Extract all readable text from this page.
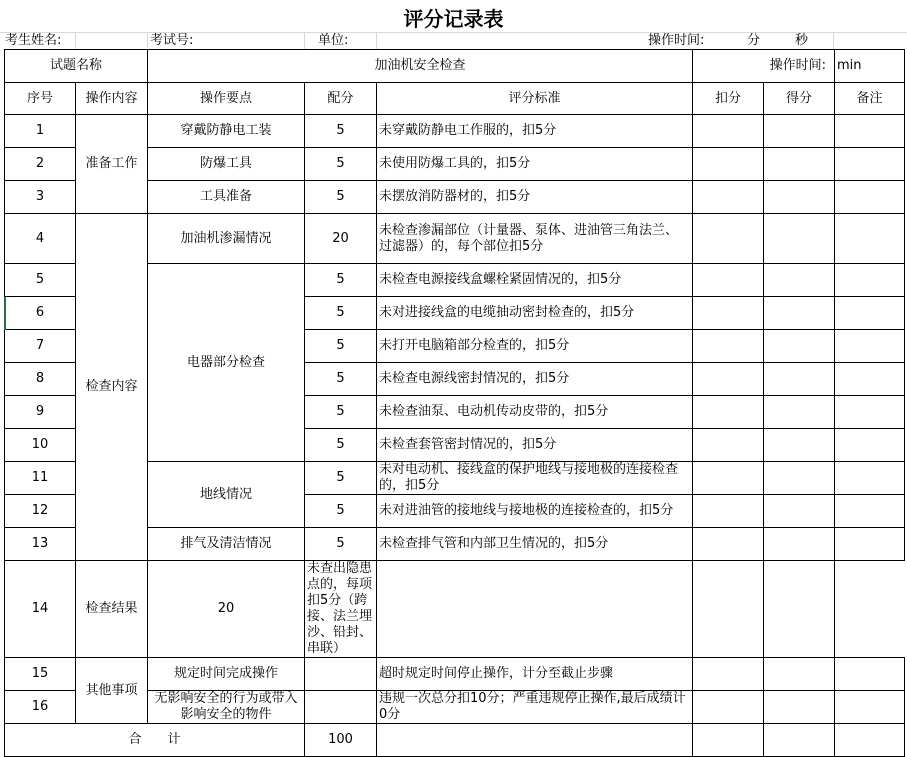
评分记录表
考生姓名:	考试号:	单位:	操作时间:	分	秒
试题名称		加油机安全检查			操作时间:		min
序号	操作内容	操作要点	配分	评分标准	扣分	得分	备注
1	准备工作	穿戴防静电工装	5	未穿戴防静电工作服的，扣5分			
2		防爆工具	5	未使用防爆工具的，扣5分			
3		工具准备	5	未摆放消防器材的，扣5分			
4	检查内容	加油机渗漏情况	20	未检查渗漏部位（计量器、泵体、进油管三角法兰、过滤器）的，每个部位扣5分			

5		电器部分检查	5	未检查电源接线盒螺栓紧固情况的，扣5分			
6			5	未对进接线盒的电缆抽动密封检查的，扣5分			
7			5	未打开电脑箱部分检查的，扣5分			
8			5	未检查电源线密封情况的，扣5分			
9			5	未检查油泵、电动机传动皮带的，扣5分			
10			5	未检查套管密封情况的，扣5分			
11		地线情况	5	未对电动机、接线盒的保护地线与接地极的连接检查的，扣5分			

12			5	未对进油管的接地线与接地极的连接检查的，扣5分			

13		排气及清洁情况	5	未检查排气管和内部卫生情况的，扣5分			
14	检查结果	20	未查出隐患点的，每项扣5分（跨接、法兰埋沙、铅封、串联）				

15	其他事项	规定时间完成操作		超时规定时间停止操作，计分至截止步骤			
16		无影响安全的行为或带入影响安全的物件		违规一次总分扣10分；严重违规停止操作,最后成绩计0分			

合　　计			100				
